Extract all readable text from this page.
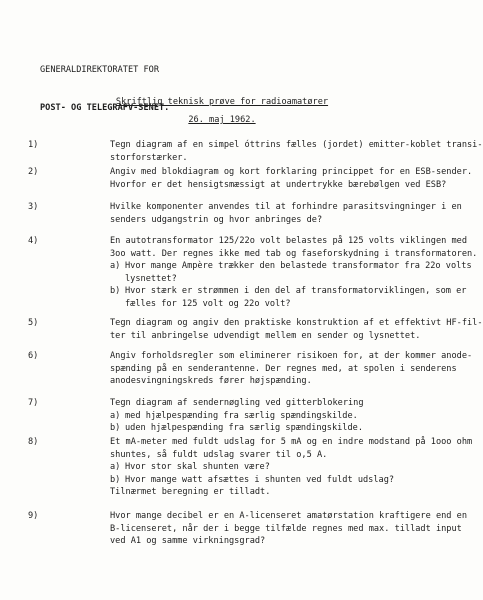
GENERALDIREKTORATET FOR

POST- OG TELEGRAFV-SENET.

Skriftlig teknisk prøve for radioamatører
26. maj 1962.
1)	Tegn diagram af en simpel óttrins fælles (jordet) emitter-koblet transi-
storforstærker.
2)	Angiv med blokdiagram og kort forklaring princippet for en ESB-sender.
Hvorfor er det hensigtsmæssigt at undertrykke bærebølgen ved ESB?
3)	Hvilke komponenter anvendes til at forhindre parasitsvingninger i en
senders udgangstrin og hvor anbringes de?
4)	En autotransformator 125/22o volt belastes på 125 volts viklingen med
3oo watt. Der regnes ikke med tab og faseforskydning i transformatoren.
a) Hvor mange Ampère trækker den belastede transformator fra 22o volts
lysnettet?
b) Hvor stærk er strømmen i den del af transformatorviklingen, som er
fælles for 125 volt og 22o volt?
5)	Tegn diagram og angiv den praktiske konstruktion af et effektivt HF-fil-
ter til anbringelse udvendigt mellem en sender og lysnettet.
6)	Angiv forholdsregler som eliminerer risikoen for, at der kommer anode-
spænding på en senderantenne. Der regnes med, at spolen i senderens
anodesvingningskreds fører højspænding.
7)	Tegn diagram af sendernøgling ved gitterblokering
a) med hjælpespænding fra særlig spændingskilde.
b) uden hjælpespænding fra særlig spændingskilde.
8)	Et mA-meter med fuldt udslag for 5 mA og en indre modstand på 1ooo ohm
shuntes, så fuldt udslag svarer til o,5 A.
a) Hvor stor skal shunten være?
b) Hvor mange watt afsættes i shunten ved fuldt udslag?
Tilnærmet beregning er tilladt.
9)	Hvor mange decibel er en A-licenseret amatørstation kraftigere end en
B-licenseret, når der i begge tilfælde regnes med max. tilladt input
ved A1 og samme virkningsgrad?
